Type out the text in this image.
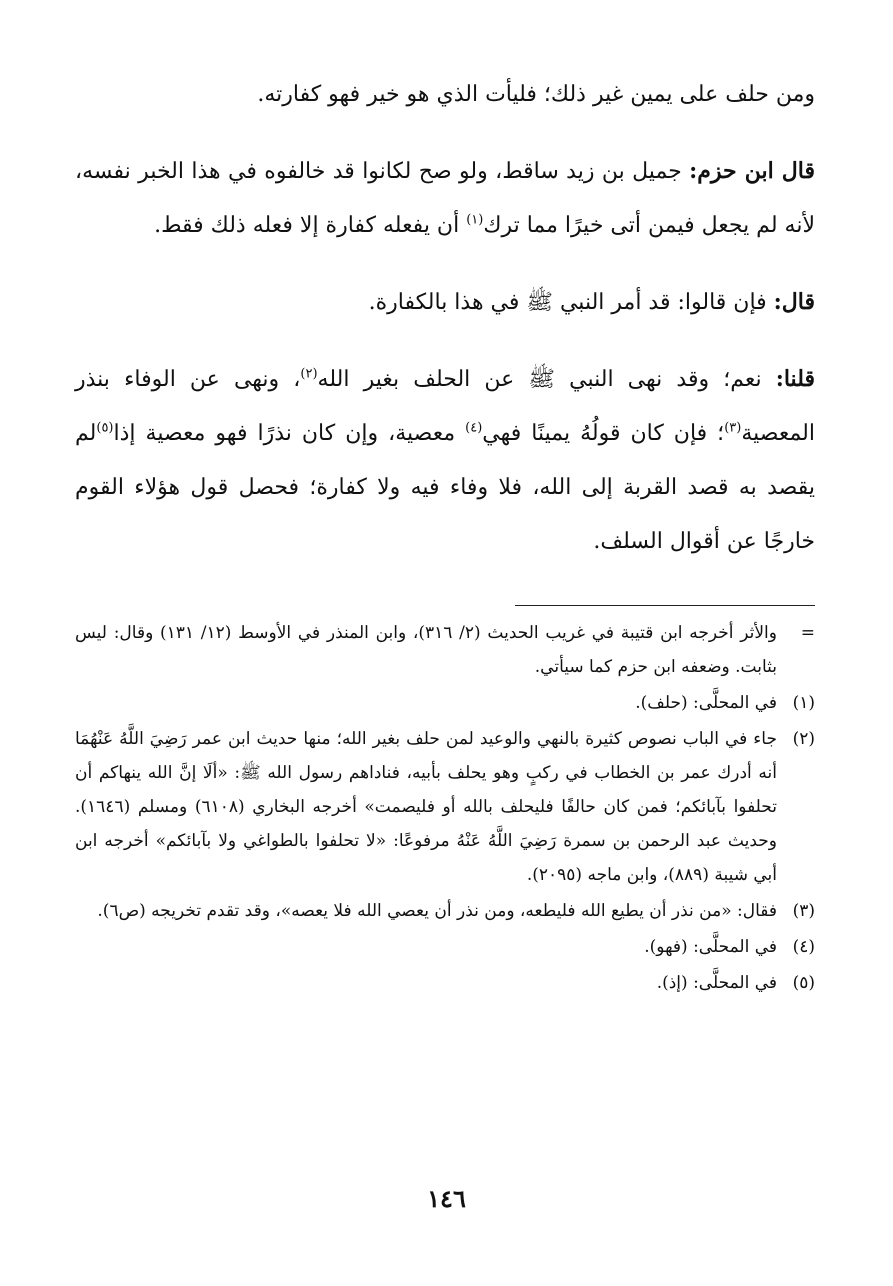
ومن حلف على يمين غير ذلك؛ فليأت الذي هو خير فهو كفارته.

قال ابن حزم: جميل بن زيد ساقط، ولو صح لكانوا قد خالفوه في هذا الخبر نفسه، لأنه لم يجعل فيمن أتى خيرًا مما ترك$^{(١)}$ أن يفعله كفارة إلا فعله ذلك فقط.

قال: فإن قالوا: قد أمر النبي ﷺ في هذا بالكفارة.

قلنا: نعم؛ وقد نهى النبي ﷺ عن الحلف بغير الله$^{(٢)}$، ونهى عن الوفاء بنذر المعصية$^{(٣)}$؛ فإن كان قولُهُ يمينًا فهي$^{(٤)}$ معصية، وإن كان نذرًا فهو معصية إذا$^{(٥)}$لم يقصد به قصد القربة إلى الله، فلا وفاء فيه ولا كفارة؛ فحصل قول هؤلاء القوم خارجًا عن أقوال السلف.

=
والأثر أخرجه ابن قتيبة في غريب الحديث (٢/ ٣١٦)، وابن المنذر في الأوسط (١٢/ ١٣١) وقال: ليس بثابت. وضعفه ابن حزم كما سيأتي.
(١)
في المحلَّى: (حلف).
(٢)
جاء في الباب نصوص كثيرة بالنهي والوعيد لمن حلف بغير الله؛ منها حديث ابن عمر رَضِيَ اللَّهُ عَنْهُمَا أنه أدرك عمر بن الخطاب في ركبٍ وهو يحلف بأبيه، فناداهم رسول الله ﷺ: «ألَا إنَّ الله ينهاكم أن تحلفوا بآبائكم؛ فمن كان حالفًا فليحلف بالله أو فليصمت» أخرجه البخاري (٦١٠٨) ومسلم (١٦٤٦). وحديث عبد الرحمن بن سمرة رَضِيَ اللَّهُ عَنْهُ مرفوعًا: «لا تحلفوا بالطواغي ولا بآبائكم» أخرجه ابن أبي شيبة (٨٨٩)، وابن ماجه (٢٠٩٥).
(٣)
فقال: «من نذر أن يطيع الله فليطعه، ومن نذر أن يعصي الله فلا يعصه»، وقد تقدم تخريجه (ص٦).
(٤)
في المحلَّى: (فهو).
(٥)
في المحلَّى: (إذ).
١٤٦
